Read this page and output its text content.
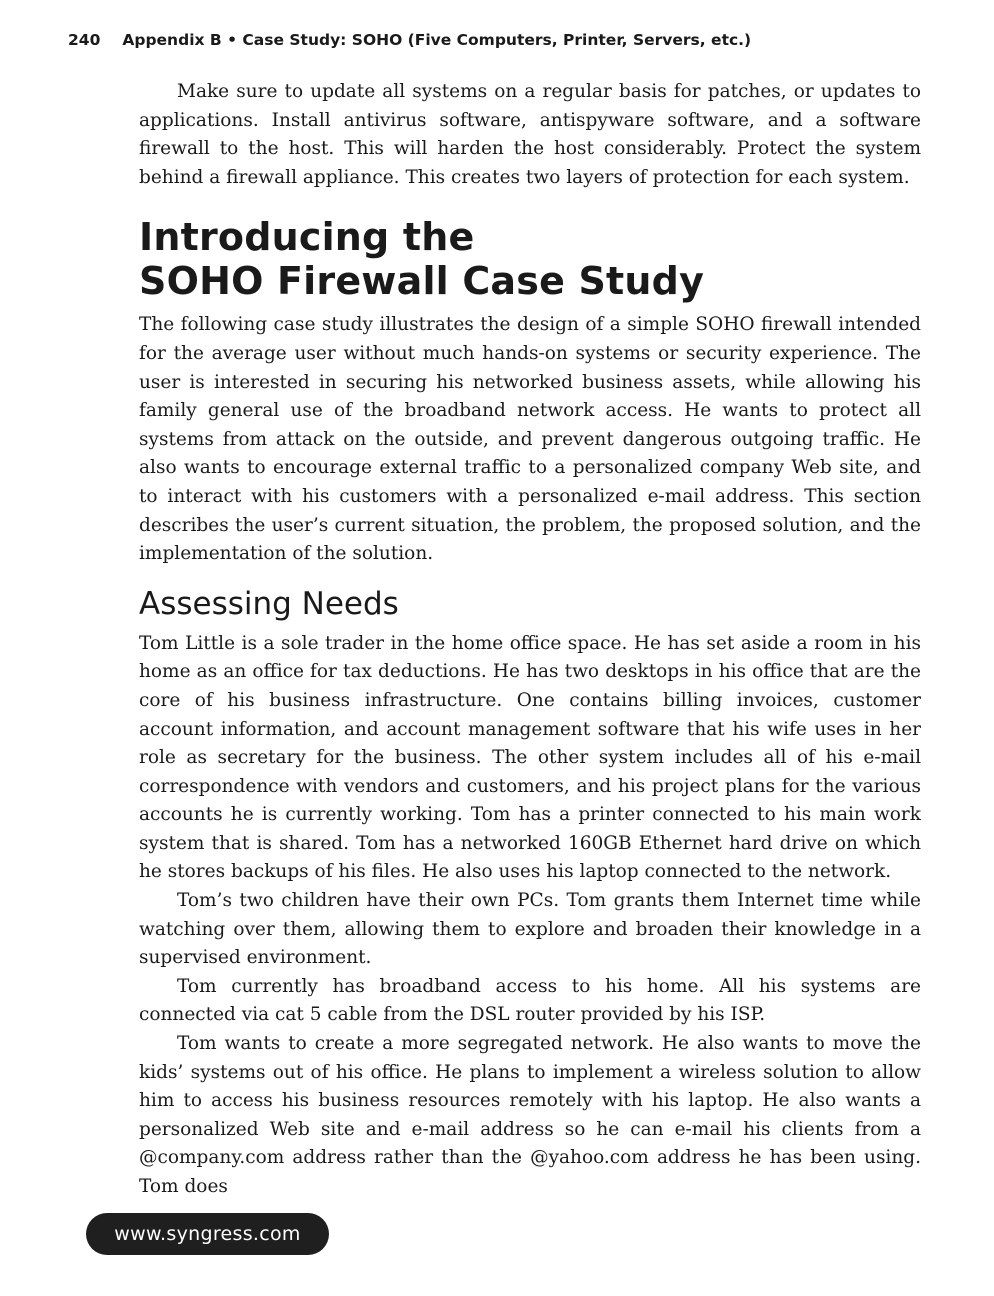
240 Appendix B • Case Study: SOHO (Five Computers, Printer, Servers, etc.)

Make sure to update all systems on a regular basis for patches, or updates to applications. Install antivirus software, antispyware software, and a software firewall to the host. This will harden the host considerably. Protect the system behind a firewall appliance. This creates two layers of protection for each system.

Introducing the
SOHO Firewall Case Study

The following case study illustrates the design of a simple SOHO firewall intended for the average user without much hands-on systems or security experience. The user is interested in securing his networked business assets, while allowing his family general use of the broadband network access. He wants to protect all systems from attack on the outside, and prevent dangerous outgoing traffic. He also wants to encourage external traffic to a personalized company Web site, and to interact with his customers with a personalized e-mail address. This section describes the user’s current situation, the problem, the proposed solution, and the implementation of the solution.

Assessing Needs

Tom Little is a sole trader in the home office space. He has set aside a room in his home as an office for tax deductions. He has two desktops in his office that are the core of his business infrastructure. One contains billing invoices, customer account information, and account management software that his wife uses in her role as secretary for the business. The other system includes all of his e-mail correspondence with vendors and customers, and his project plans for the various accounts he is currently working. Tom has a printer connected to his main work system that is shared. Tom has a networked 160GB Ethernet hard drive on which he stores backups of his files. He also uses his laptop connected to the network.

Tom’s two children have their own PCs. Tom grants them Internet time while watching over them, allowing them to explore and broaden their knowledge in a supervised environment.

Tom currently has broadband access to his home. All his systems are connected via cat 5 cable from the DSL router provided by his ISP.

Tom wants to create a more segregated network. He also wants to move the kids’ systems out of his office. He plans to implement a wireless solution to allow him to access his business resources remotely with his laptop. He also wants a personalized Web site and e-mail address so he can e-mail his clients from a @company.com address rather than the @yahoo.com address he has been using. Tom does

www.syngress.com
